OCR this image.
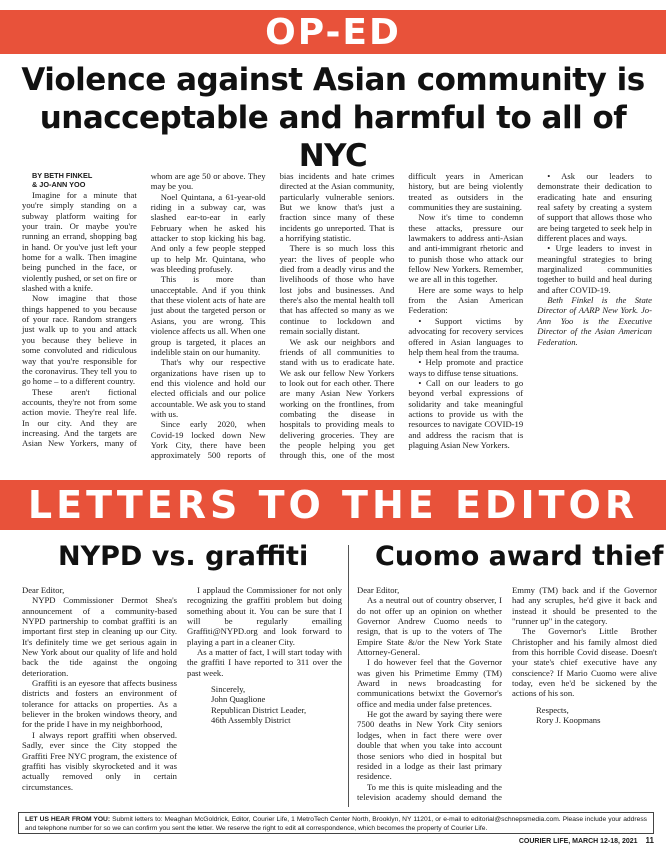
OP-ED
Violence against Asian community is unacceptable and harmful to all of NYC
BY BETH FINKEL
& JO-ANN YOO

Imagine for a minute that you're simply standing on a subway platform waiting for your train. Or maybe you're running an errand, shopping bag in hand. Or you've just left your home for a walk. Then imagine being punched in the face, or violently pushed, or set on fire or slashed with a knife.

Now imagine that those things happened to you because of your race. Random strangers just walk up to you and attack you because they believe in some convoluted and ridiculous way that you're responsible for the coronavirus. They tell you to go home – to a different country.

These aren't fictional accounts, they're not from some action movie. They're real life. In our city. And they are increasing. And the targets are Asian New Yorkers, many of whom are age 50 or above. They may be you.

Noel Quintana, a 61-year-old riding in a subway car, was slashed ear-to-ear in early February when he asked his attacker to stop kicking his bag. And only a few people stepped up to help Mr. Quintana, who was bleeding profusely.

This is more than unacceptable. And if you think that these violent acts of hate are just about the targeted person or Asians, you are wrong. This violence affects us all. When one group is targeted, it places an indelible stain on our humanity.

That's why our respective organizations have risen up to end this violence and hold our elected officials and our police accountable. We ask you to stand with us.

Since early 2020, when Covid-19 locked down New York City, there have been approximately 500 reports of bias incidents and hate crimes directed at the Asian community, particularly vulnerable seniors. But we know that's just a fraction since many of these incidents go unreported. That is a horrifying statistic.

There is so much loss this year: the lives of people who died from a deadly virus and the livelihoods of those who have lost jobs and businesses. And there's also the mental health toll that has affected so many as we continue to lockdown and remain socially distant.

We ask our neighbors and friends of all communities to stand with us to eradicate hate. We ask our fellow New Yorkers to look out for each other. There are many Asian New Yorkers working on the frontlines, from combating the disease in hospitals to providing meals to delivering groceries. They are the people helping you get through this, one of the most difficult years in American history, but are being violently treated as outsiders in the communities they are sustaining.

Now it's time to condemn these attacks, pressure our lawmakers to address anti-Asian and anti-immigrant rhetoric and to punish those who attack our fellow New Yorkers. Remember, we are all in this together.

Here are some ways to help from the Asian American Federation:

• Support victims by advocating for recovery services offered in Asian languages to help them heal from the trauma.

• Help promote and practice ways to diffuse tense situations.

• Call on our leaders to go beyond verbal expressions of solidarity and take meaningful actions to provide us with the resources to navigate COVID-19 and address the racism that is plaguing Asian New Yorkers.

• Ask our leaders to demonstrate their dedication to eradicating hate and ensuring real safety by creating a system of support that allows those who are being targeted to seek help in different places and ways.

• Urge leaders to invest in meaningful strategies to bring marginalized communities together to build and heal during and after COVID-19.

Beth Finkel is the State Director of AARP New York. Jo-Ann Yoo is the Executive Director of the Asian American Federation.

LETTERS TO THE EDITOR
NYPD vs. graffiti Cuomo award thief

Dear Editor,

NYPD Commissioner Dermot Shea's announcement of a community-based NYPD partnership to combat graffiti is an important first step in cleaning up our City. It's definitely time we get serious again in New York about our quality of life and hold back the tide against the ongoing deterioration.

Graffiti is an eyesore that affects business districts and fosters an environment of tolerance for attacks on properties. As a believer in the broken windows theory, and for the pride I have in my neighborhood,

I always report graffiti when observed. Sadly, ever since the City stopped the Graffiti Free NYC program, the existence of graffiti has visibly skyrocketed and it was actually removed only in certain circumstances.

I applaud the Commissioner for not only recognizing the graffiti problem but doing something about it. You can be sure that I will be regularly emailing Graffiti@NYPD.org and look forward to playing a part in a cleaner City.

As a matter of fact, I will start today with the graffiti I have reported to 311 over the past week.

Sincerely,

John Quaglione

Republican District Leader,

46th Assembly District

Dear Editor,

As a neutral out of country observer, I do not offer up an opinion on whether Governor Andrew Cuomo needs to resign, that is up to the voters of The Empire State &/or the New York State Attorney-General.

I do however feel that the Governor was given his Primetime Emmy (TM) Award in news broadcasting for communications betwixt the Governor's office and media under false pretences.

He got the award by saying there were 7500 deaths in New York City seniors lodges, when in fact there were over double that when you take into account those seniors who died in hospital but resided in a lodge as their last primary residence.

To me this is quite misleading and the television academy should demand the Emmy (TM) back and if the Governor had any scruples, he'd give it back and instead it should be presented to the "runner up" in the category.

The Governor's Little Brother Christopher and his family almost died from this horrible Covid disease. Doesn't your state's chief executive have any conscience? If Mario Cuomo were alive today, even he'd be sickened by the actions of his son.

Respects,

Rory J. Koopmans

LET US HEAR FROM YOU: Submit letters to: Meaghan McGoldrick, Editor, Courier Life, 1 MetroTech Center North, Brooklyn, NY 11201, or e-mail to editorial@schnepsmedia.com. Please include your address and telephone number for so we can confirm you sent the letter. We reserve the right to edit all correspondence, which becomes the property of Courier Life.
COURIER LIFE, MARCH 12-18, 2021 11
